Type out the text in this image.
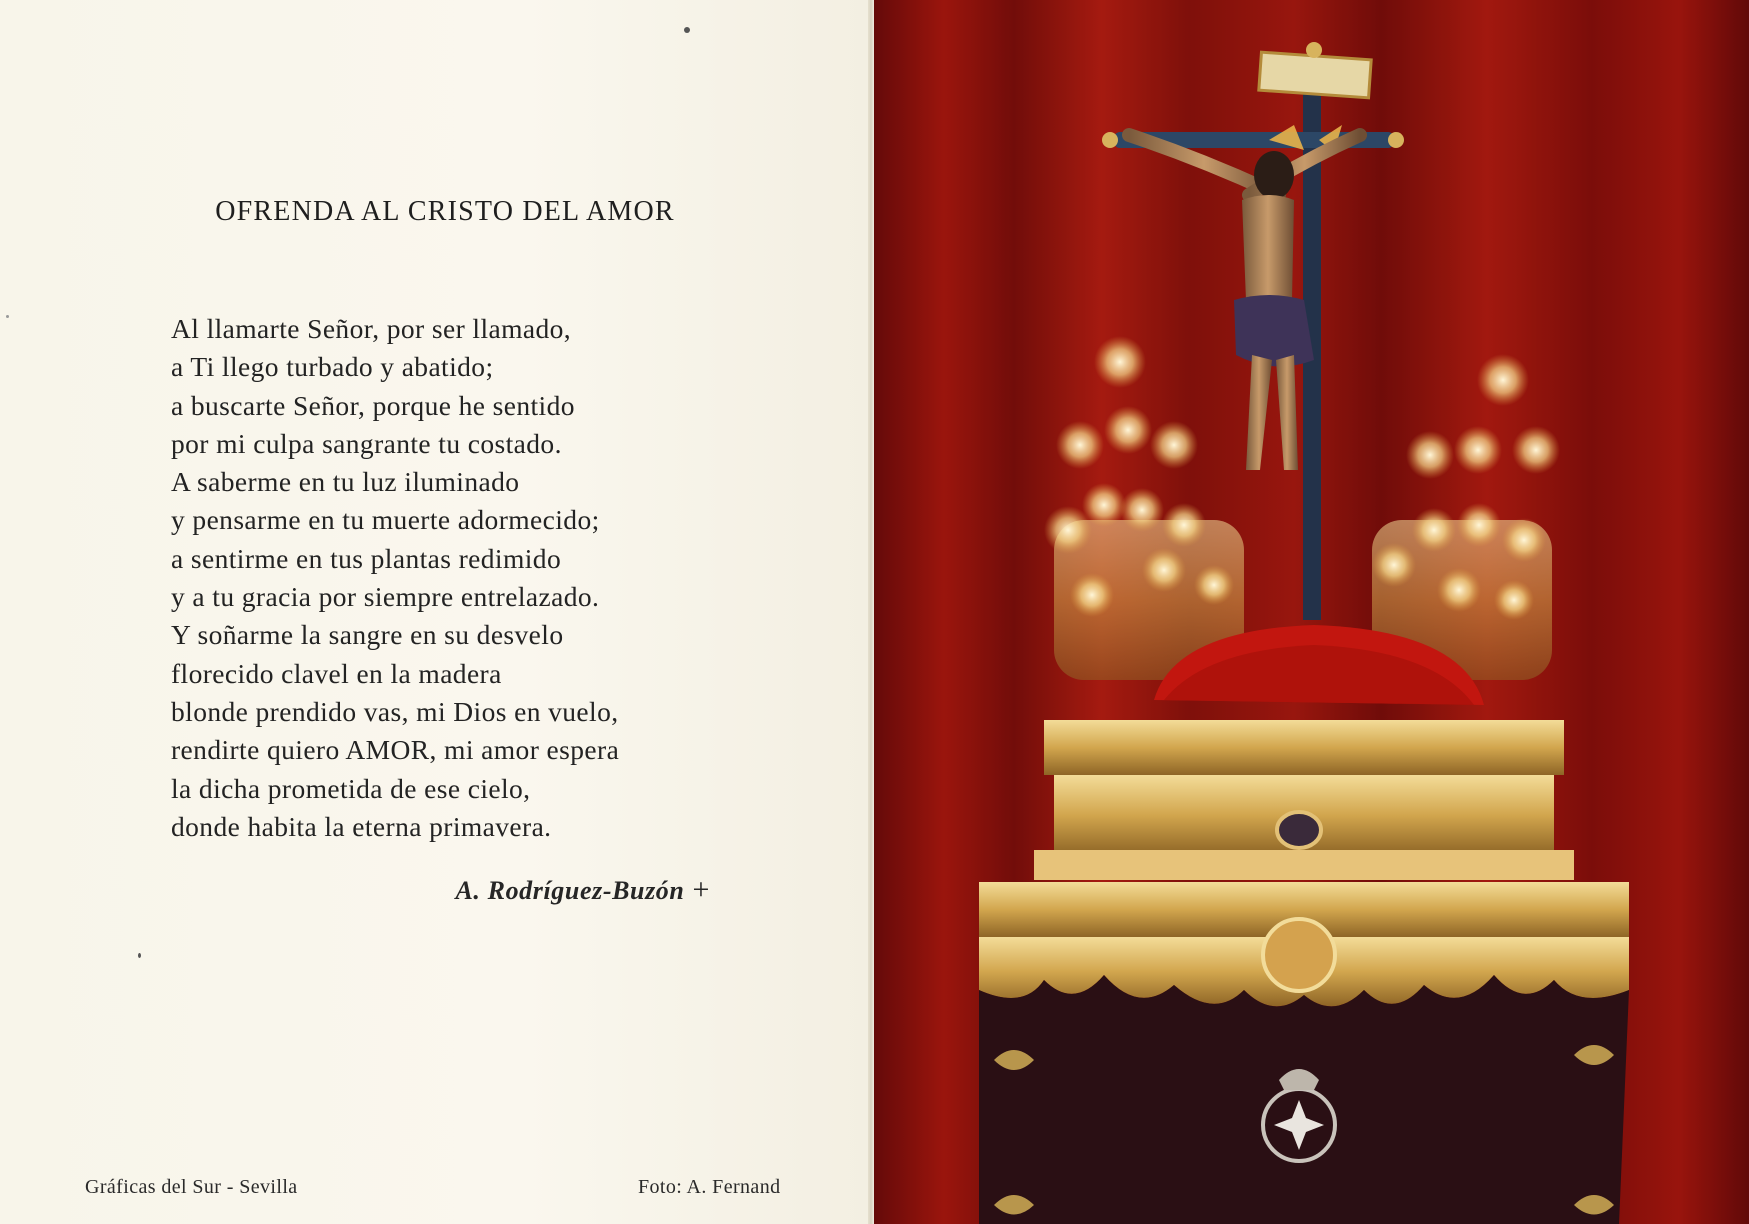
OFRENDA AL CRISTO DEL AMOR
Al llamarte Señor, por ser llamado,
a Ti llego turbado y abatido;
a buscarte Señor, porque he sentido
por mi culpa sangrante tu costado.
A saberme en tu luz iluminado
y pensarme en tu muerte adormecido;
a sentirme en tus plantas redimido
y a tu gracia por siempre entrelazado.
Y soñarme la sangre en su desvelo
florecido clavel en la madera
blonde prendido vas, mi Dios en vuelo,
rendirte quiero AMOR, mi amor espera
la dicha prometida de ese cielo,
donde habita la eterna primavera.
A. Rodríguez-Buzón +
Gráficas del Sur - Sevilla	Foto: A. Fernand
